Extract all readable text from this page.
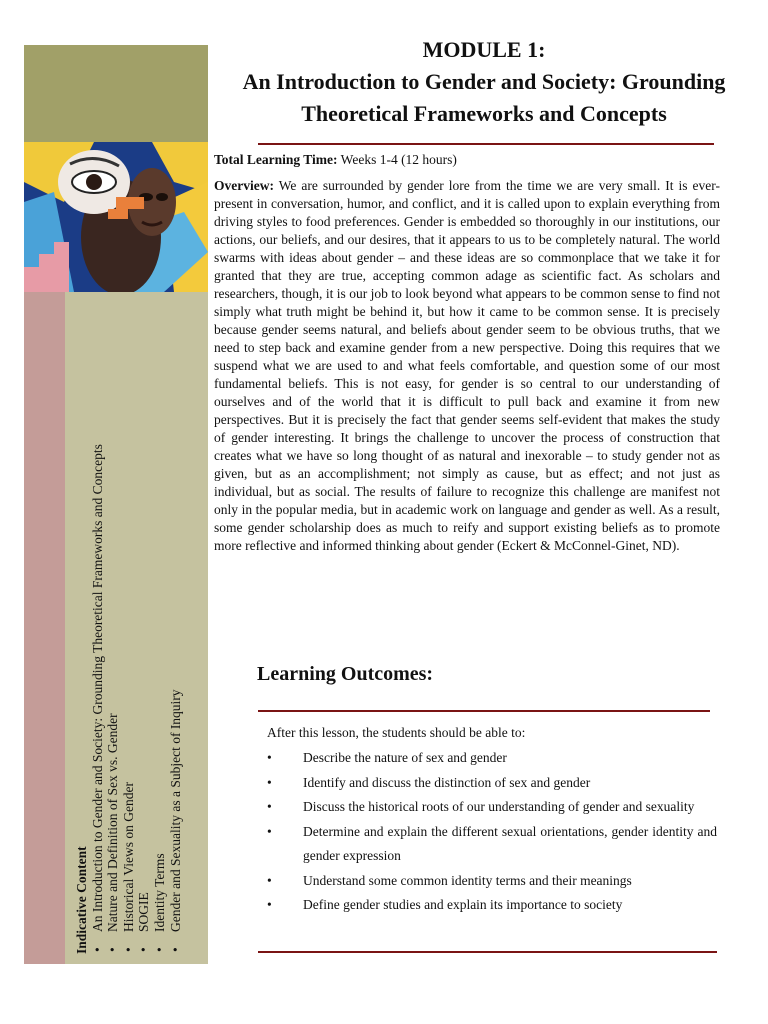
Indicative Content • An Introduction to Gender and Society: Grounding Theoretical Frameworks and Concepts • Nature and Definition of Sex vs. Gender • Historical Views on Gender • SOGIE • Identity Terms • Gender and Sexuality as a Subject of Inquiry
MODULE 1:
An Introduction to Gender and Society: Grounding
Theoretical Frameworks and Concepts

Total Learning Time: Weeks 1-4 (12 hours)

Overview: We are surrounded by gender lore from the time we are very small. It is ever-present in conversation, humor, and conflict, and it is called upon to explain everything from driving styles to food preferences. Gender is embedded so thoroughly in our institutions, our actions, our beliefs, and our desires, that it appears to us to be completely natural. The world swarms with ideas about gender – and these ideas are so commonplace that we take it for granted that they are true, accepting common adage as scientific fact. As scholars and researchers, though, it is our job to look beyond what appears to be common sense to find not simply what truth might be behind it, but how it came to be common sense. It is precisely because gender seems natural, and beliefs about gender seem to be obvious truths, that we need to step back and examine gender from a new perspective. Doing this requires that we suspend what we are used to and what feels comfortable, and question some of our most fundamental beliefs. This is not easy, for gender is so central to our understanding of ourselves and of the world that it is difficult to pull back and examine it from new perspectives. But it is precisely the fact that gender seems self-evident that makes the study of gender interesting. It brings the challenge to uncover the process of construction that creates what we have so long thought of as natural and inexorable – to study gender not as given, but as an accomplishment; not simply as cause, but as effect; and not just as individual, but as social. The results of failure to recognize this challenge are manifest not only in the popular media, but in academic work on language and gender as well. As a result, some gender scholarship does as much to reify and support existing beliefs as to promote more reflective and informed thinking about gender (Eckert & McConnel-Ginet, ND).

Learning Outcomes:

After this lesson, the students should be able to:

• Describe the nature of sex and gender
• Identify and discuss the distinction of sex and gender
• Discuss the historical roots of our understanding of gender and sexuality
• Determine and explain the different sexual orientations, gender identity and gender expression
• Understand some common identity terms and their meanings
• Define gender studies and explain its importance to society
